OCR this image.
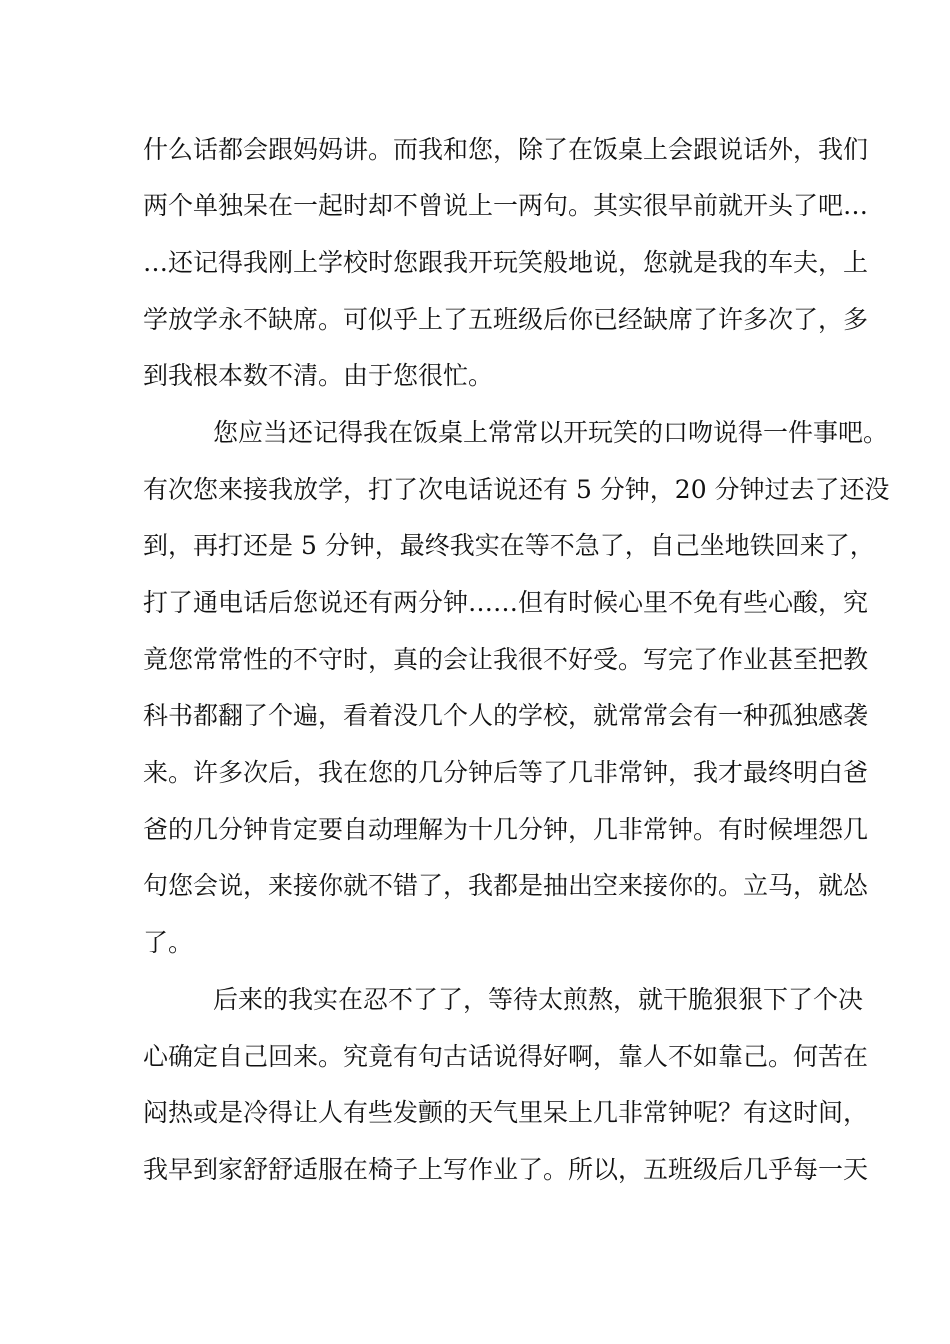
什么话都会跟妈妈讲。而我和您，除了在饭桌上会跟说话外，我们
两个单独呆在一起时却不曾说上一两句。其实很早前就开头了吧…
…还记得我刚上学校时您跟我开玩笑般地说，您就是我的车夫，上
学放学永不缺席。可似乎上了五班级后你已经缺席了许多次了，多
到我根本数不清。由于您很忙。
您应当还记得我在饭桌上常常以开玩笑的口吻说得一件事吧。
有次您来接我放学，打了次电话说还有 5 分钟，20 分钟过去了还没
到，再打还是 5 分钟，最终我实在等不急了，自己坐地铁回来了，
打了通电话后您说还有两分钟……但有时候心里不免有些心酸，究
竟您常常性的不守时，真的会让我很不好受。写完了作业甚至把教
科书都翻了个遍，看着没几个人的学校，就常常会有一种孤独感袭
来。许多次后，我在您的几分钟后等了几非常钟，我才最终明白爸
爸的几分钟肯定要自动理解为十几分钟，几非常钟。有时候埋怨几
句您会说，来接你就不错了，我都是抽出空来接你的。立马，就怂
了。
后来的我实在忍不了了，等待太煎熬，就干脆狠狠下了个决
心确定自己回来。究竟有句古话说得好啊，靠人不如靠己。何苦在
闷热或是冷得让人有些发颤的天气里呆上几非常钟呢？有这时间，
我早到家舒舒适服在椅子上写作业了。所以，五班级后几乎每一天
